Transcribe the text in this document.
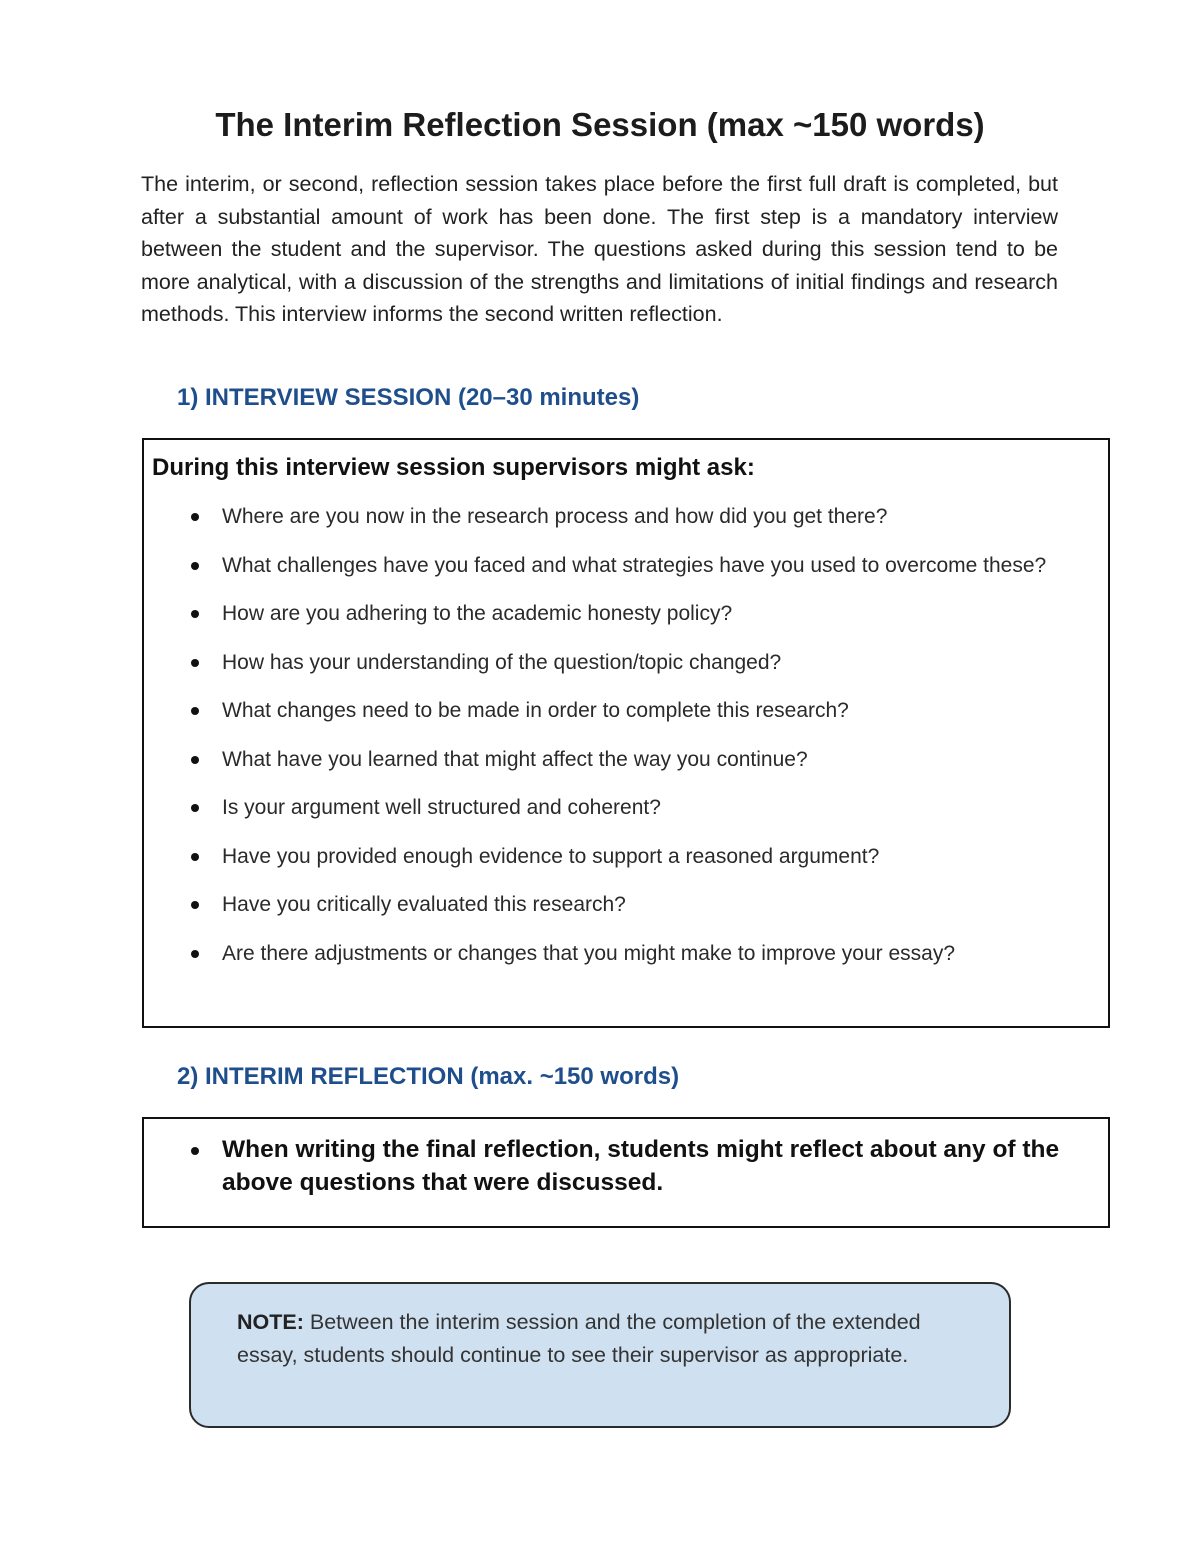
The Interim Reflection Session (max ~150 words)

The interim, or second, reflection session takes place before the first full draft is completed, but after a substantial amount of work has been done. The first step is a mandatory interview between the student and the supervisor. The questions asked during this session tend to be more analytical, with a discussion of the strengths and limitations of initial findings and research methods. This interview informs the second written reflection.

1) INTERVIEW SESSION (20–30 minutes)
During this interview session supervisors might ask:
Where are you now in the research process and how did you get there?
What challenges have you faced and what strategies have you used to overcome these?
How are you adhering to the academic honesty policy?
How has your understanding of the question/topic changed?
What changes need to be made in order to complete this research?
What have you learned that might affect the way you continue?
Is your argument well structured and coherent?
Have you provided enough evidence to support a reasoned argument?
Have you critically evaluated this research?
Are there adjustments or changes that you might make to improve your essay?
2) INTERIM REFLECTION (max. ~150 words)

When writing the final reflection, students might reflect about any of the above questions that were discussed.

NOTE: Between the interim session and the completion of the extended essay, students should continue to see their supervisor as appropriate.
